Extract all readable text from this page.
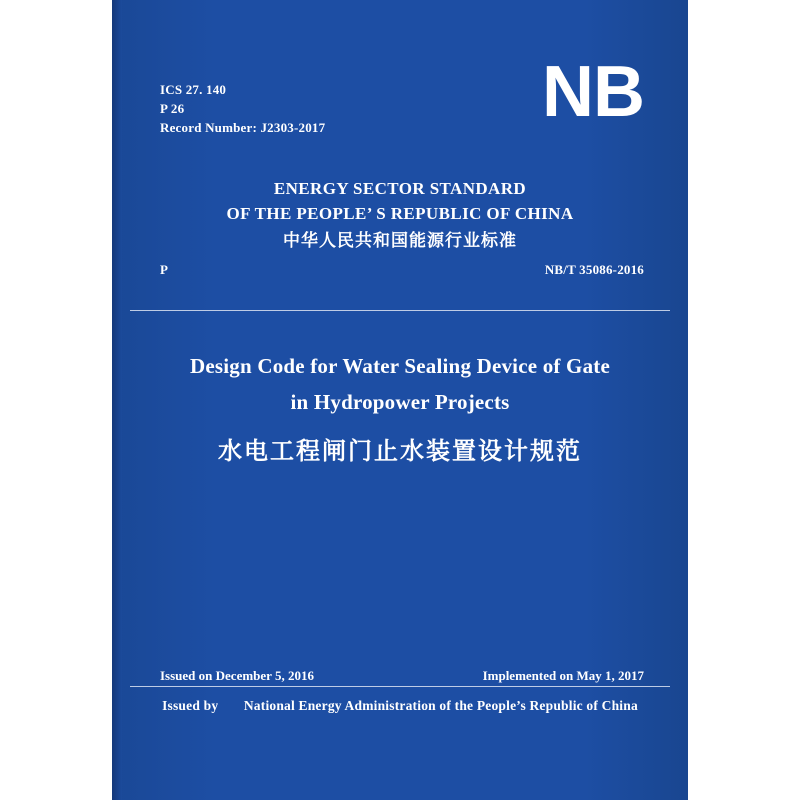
ICS 27. 140
P 26
Record Number: J2303-2017	NB
ENERGY SECTOR STANDARD
OF THE PEOPLE’ S REPUBLIC OF CHINA
中华人民共和国能源行业标准
P	NB/T 35086-2016
Design Code for Water Sealing Device of Gate
in Hydropower Projects
水电工程闸门止水装置设计规范
Issued on December 5, 2016	Implemented on May 1, 2017
Issued by National Energy Administration of the People’s Republic of China
